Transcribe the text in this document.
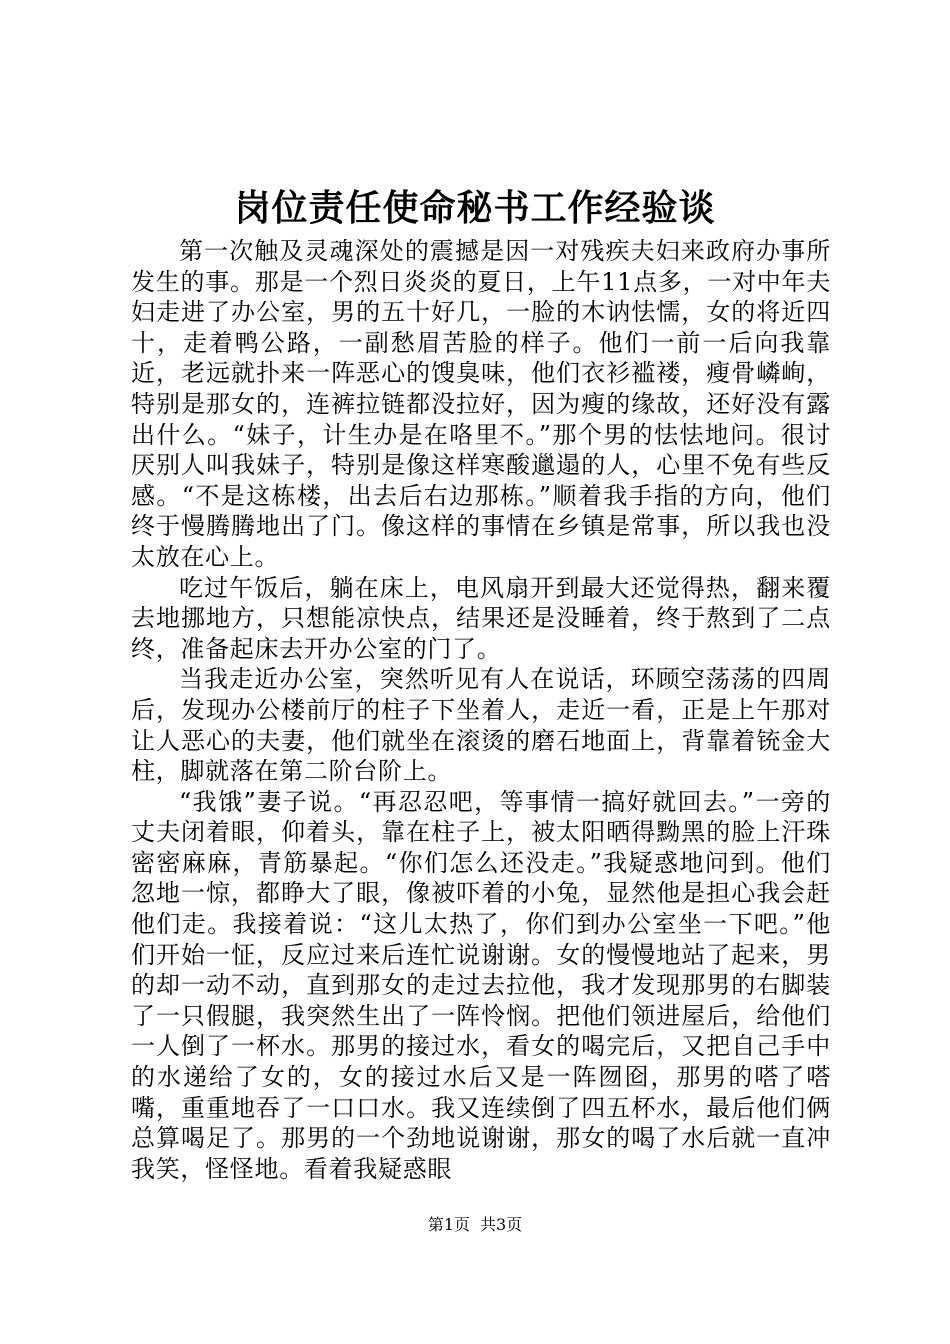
岗位责任使命秘书工作经验谈

第一次触及灵魂深处的震撼是因一对残疾夫妇来政府办事所发生的事。那是一个烈日炎炎的夏日，上午11点多，一对中年夫妇走进了办公室，男的五十好几，一脸的木讷怯懦，女的将近四十，走着鸭公路，一副愁眉苦脸的样子。他们一前一后向我靠近，老远就扑来一阵恶心的馊臭味，他们衣衫褴褛，瘦骨嶙峋，特别是那女的，连裤拉链都没拉好，因为瘦的缘故，还好没有露出什么。“妹子，计生办是在咯里不。”那个男的怯怯地问。很讨厌别人叫我妹子，特别是像这样寒酸邋遢的人，心里不免有些反感。“不是这栋楼，出去后右边那栋。”顺着我手指的方向，他们终于慢腾腾地出了门。像这样的事情在乡镇是常事，所以我也没太放在心上。

吃过午饭后，躺在床上，电风扇开到最大还觉得热，翻来覆去地挪地方，只想能凉快点，结果还是没睡着，终于熬到了二点终，准备起床去开办公室的门了。

当我走近办公室，突然听见有人在说话，环顾空荡荡的四周后，发现办公楼前厅的柱子下坐着人，走近一看，正是上午那对让人恶心的夫妻，他们就坐在滚烫的磨石地面上，背靠着铳金大柱，脚就落在第二阶台阶上。

“我饿”妻子说。“再忍忍吧，等事情一搞好就回去。”一旁的丈夫闭着眼，仰着头，靠在柱子上，被太阳晒得黝黑的脸上汗珠密密麻麻，青筋暴起。“你们怎么还没走。”我疑惑地问到。他们忽地一惊，都睁大了眼，像被吓着的小兔，显然他是担心我会赶他们走。我接着说：“这儿太热了，你们到办公室坐一下吧。”他们开始一怔，反应过来后连忙说谢谢。女的慢慢地站了起来，男的却一动不动，直到那女的走过去拉他，我才发现那男的右脚装了一只假腿，我突然生出了一阵怜悯。把他们领进屋后，给他们一人倒了一杯水。那男的接过水，看女的喝完后，又把自己手中的水递给了女的，女的接过水后又是一阵囫囵，那男的嗒了嗒嘴，重重地吞了一口口水。我又连续倒了四五杯水，最后他们俩总算喝足了。那男的一个劲地说谢谢，那女的喝了水后就一直冲我笑，怪怪地。看着我疑惑眼

第1页 共3页
